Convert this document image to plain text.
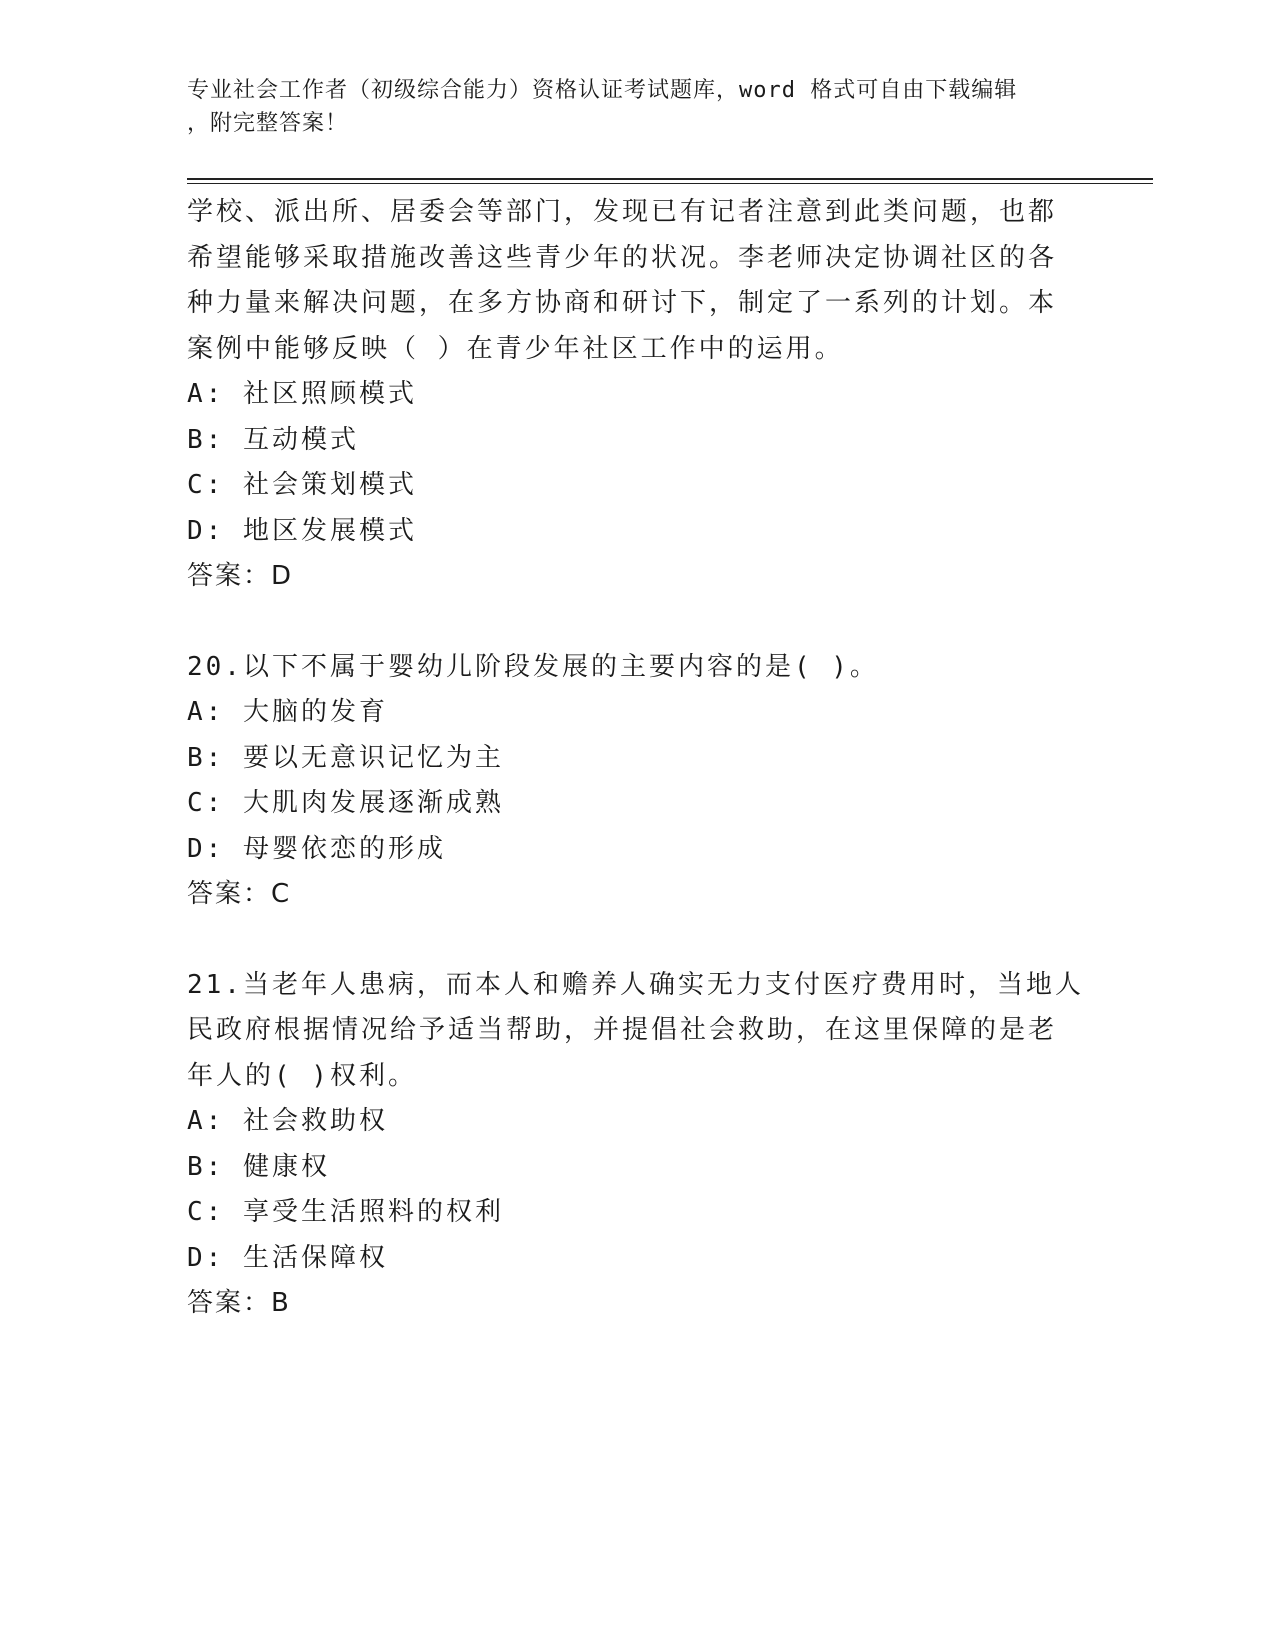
专业社会工作者（初级综合能力）资格认证考试题库，word 格式可自由下载编辑
，附完整答案！
学校、派出所、居委会等部门，发现已有记者注意到此类问题，也都
希望能够采取措施改善这些青少年的状况。李老师决定协调社区的各
种力量来解决问题，在多方协商和研讨下，制定了一系列的计划。本
案例中能够反映（ ）在青少年社区工作中的运用。
A: 社区照顾模式
B: 互动模式
C: 社会策划模式
D: 地区发展模式
答案：D
20.以下不属于婴幼儿阶段发展的主要内容的是( )。
A: 大脑的发育
B: 要以无意识记忆为主
C: 大肌肉发展逐渐成熟
D: 母婴依恋的形成
答案：C
21.当老年人患病，而本人和赡养人确实无力支付医疗费用时，当地人
民政府根据情况给予适当帮助，并提倡社会救助，在这里保障的是老
年人的( )权利。
A: 社会救助权
B: 健康权
C: 享受生活照料的权利
D: 生活保障权
答案：B
